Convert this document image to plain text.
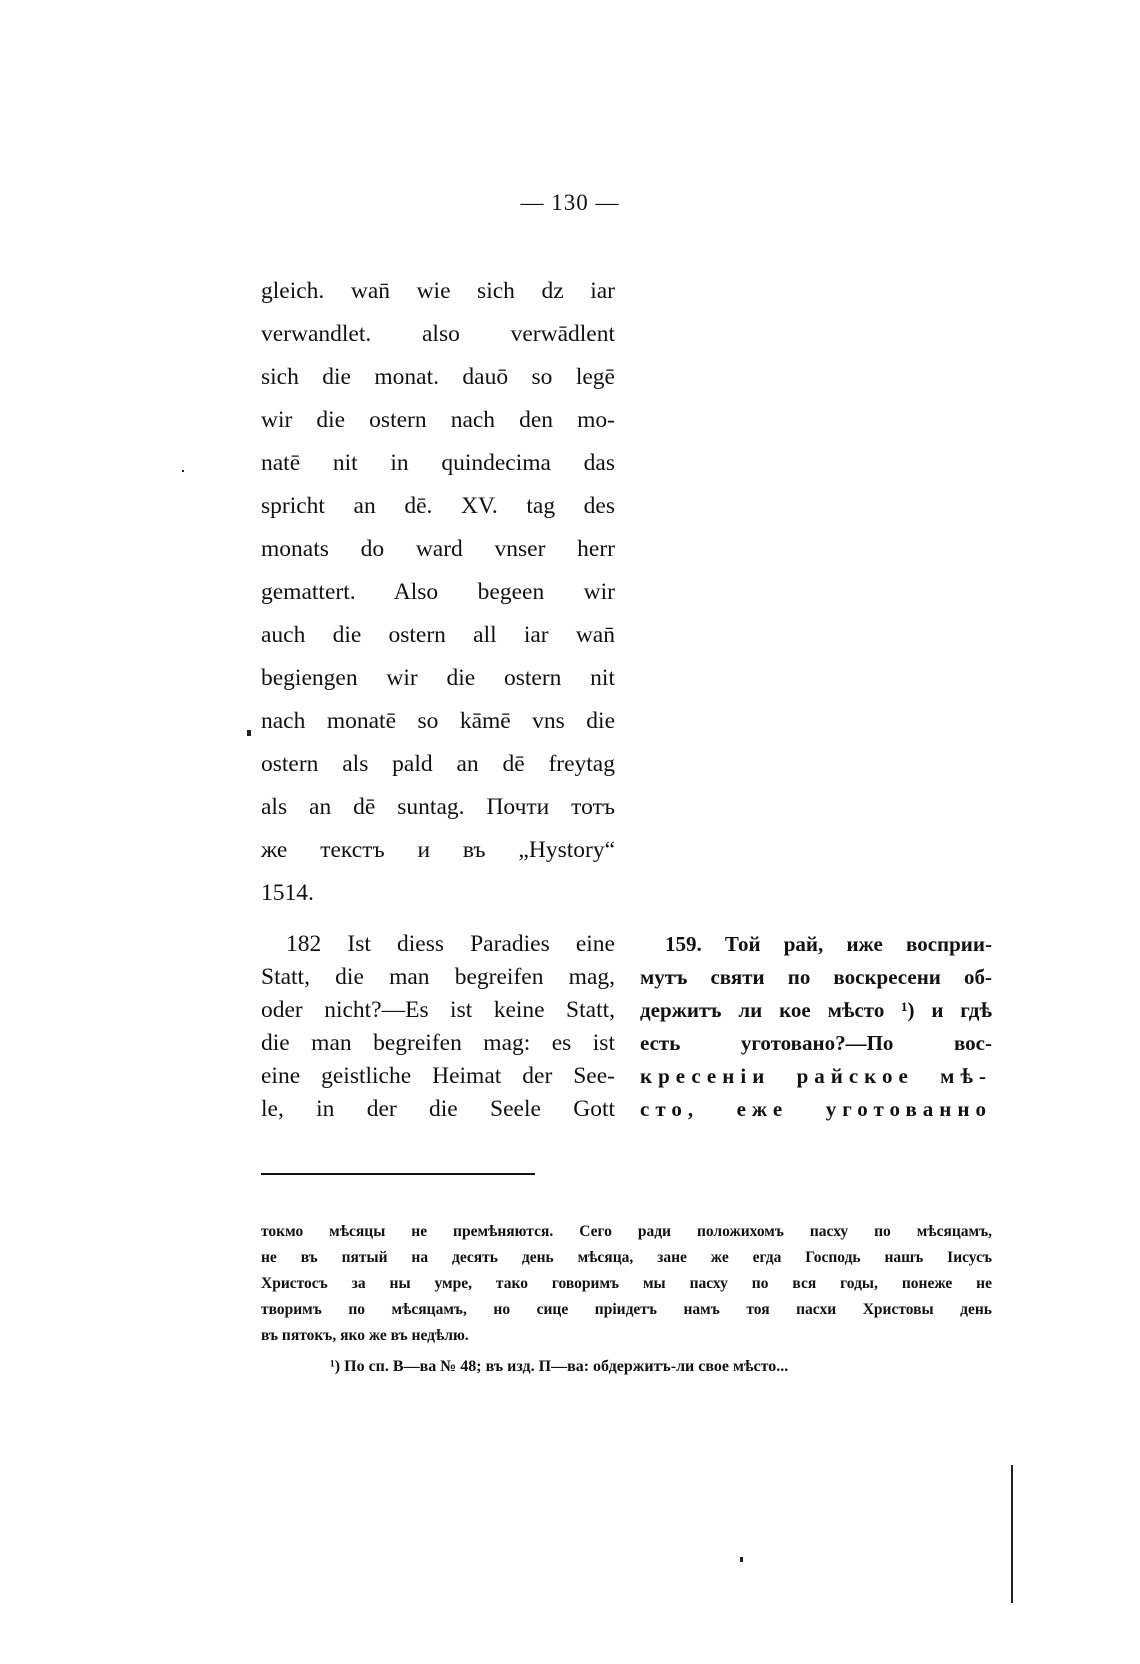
— 130 —
gleich. wan̄ wie sich dz iar
verwandlet. also verwādlent
sich die monat. dauō so legē
wir die ostern nach den mo-
natē nit in quindecima das
spricht an dē. XV. tag des
monats do ward vnser herr
gemattert. Also begeen wir
auch die ostern all iar wan̄
begiengen wir die ostern nit
nach monatē so kāmē vns die
ostern als pald an dē freytag
als an dē suntag. Почти тотъ
же текстъ и въ „Hystory“
1514.
182 Ist diess Paradies eine
Statt, die man begreifen mag,
oder nicht?—Es ist keine Statt,
die man begreifen mag: es ist
eine geistliche Heimat der See-
le, in der die Seele Gott
159. Той рай, иже восприи-
мутъ святи по воскресени об-
держитъ ли кое мѣсто ¹) и гдѣ
есть уготовано?—По вос-
кресенiи райское мѣ-
сто, еже уготованно
токмо мѣсяцы не премѣняются. Сего ради положихомъ пасху по мѣсяцамъ,
не въ пятый на десять день мѣсяца, зане же егда Господь нашъ Iисусъ
Христосъ за ны умре, тако говоримъ мы пасху по вся годы, понеже не
творимъ по мѣсяцамъ, но сице прiидетъ намъ тоя пасхи Христовы день
въ пятокъ, яко же въ недѣлю.
¹) По сп. В—ва № 48; въ изд. П—ва: обдержитъ-ли свое мѣсто...
